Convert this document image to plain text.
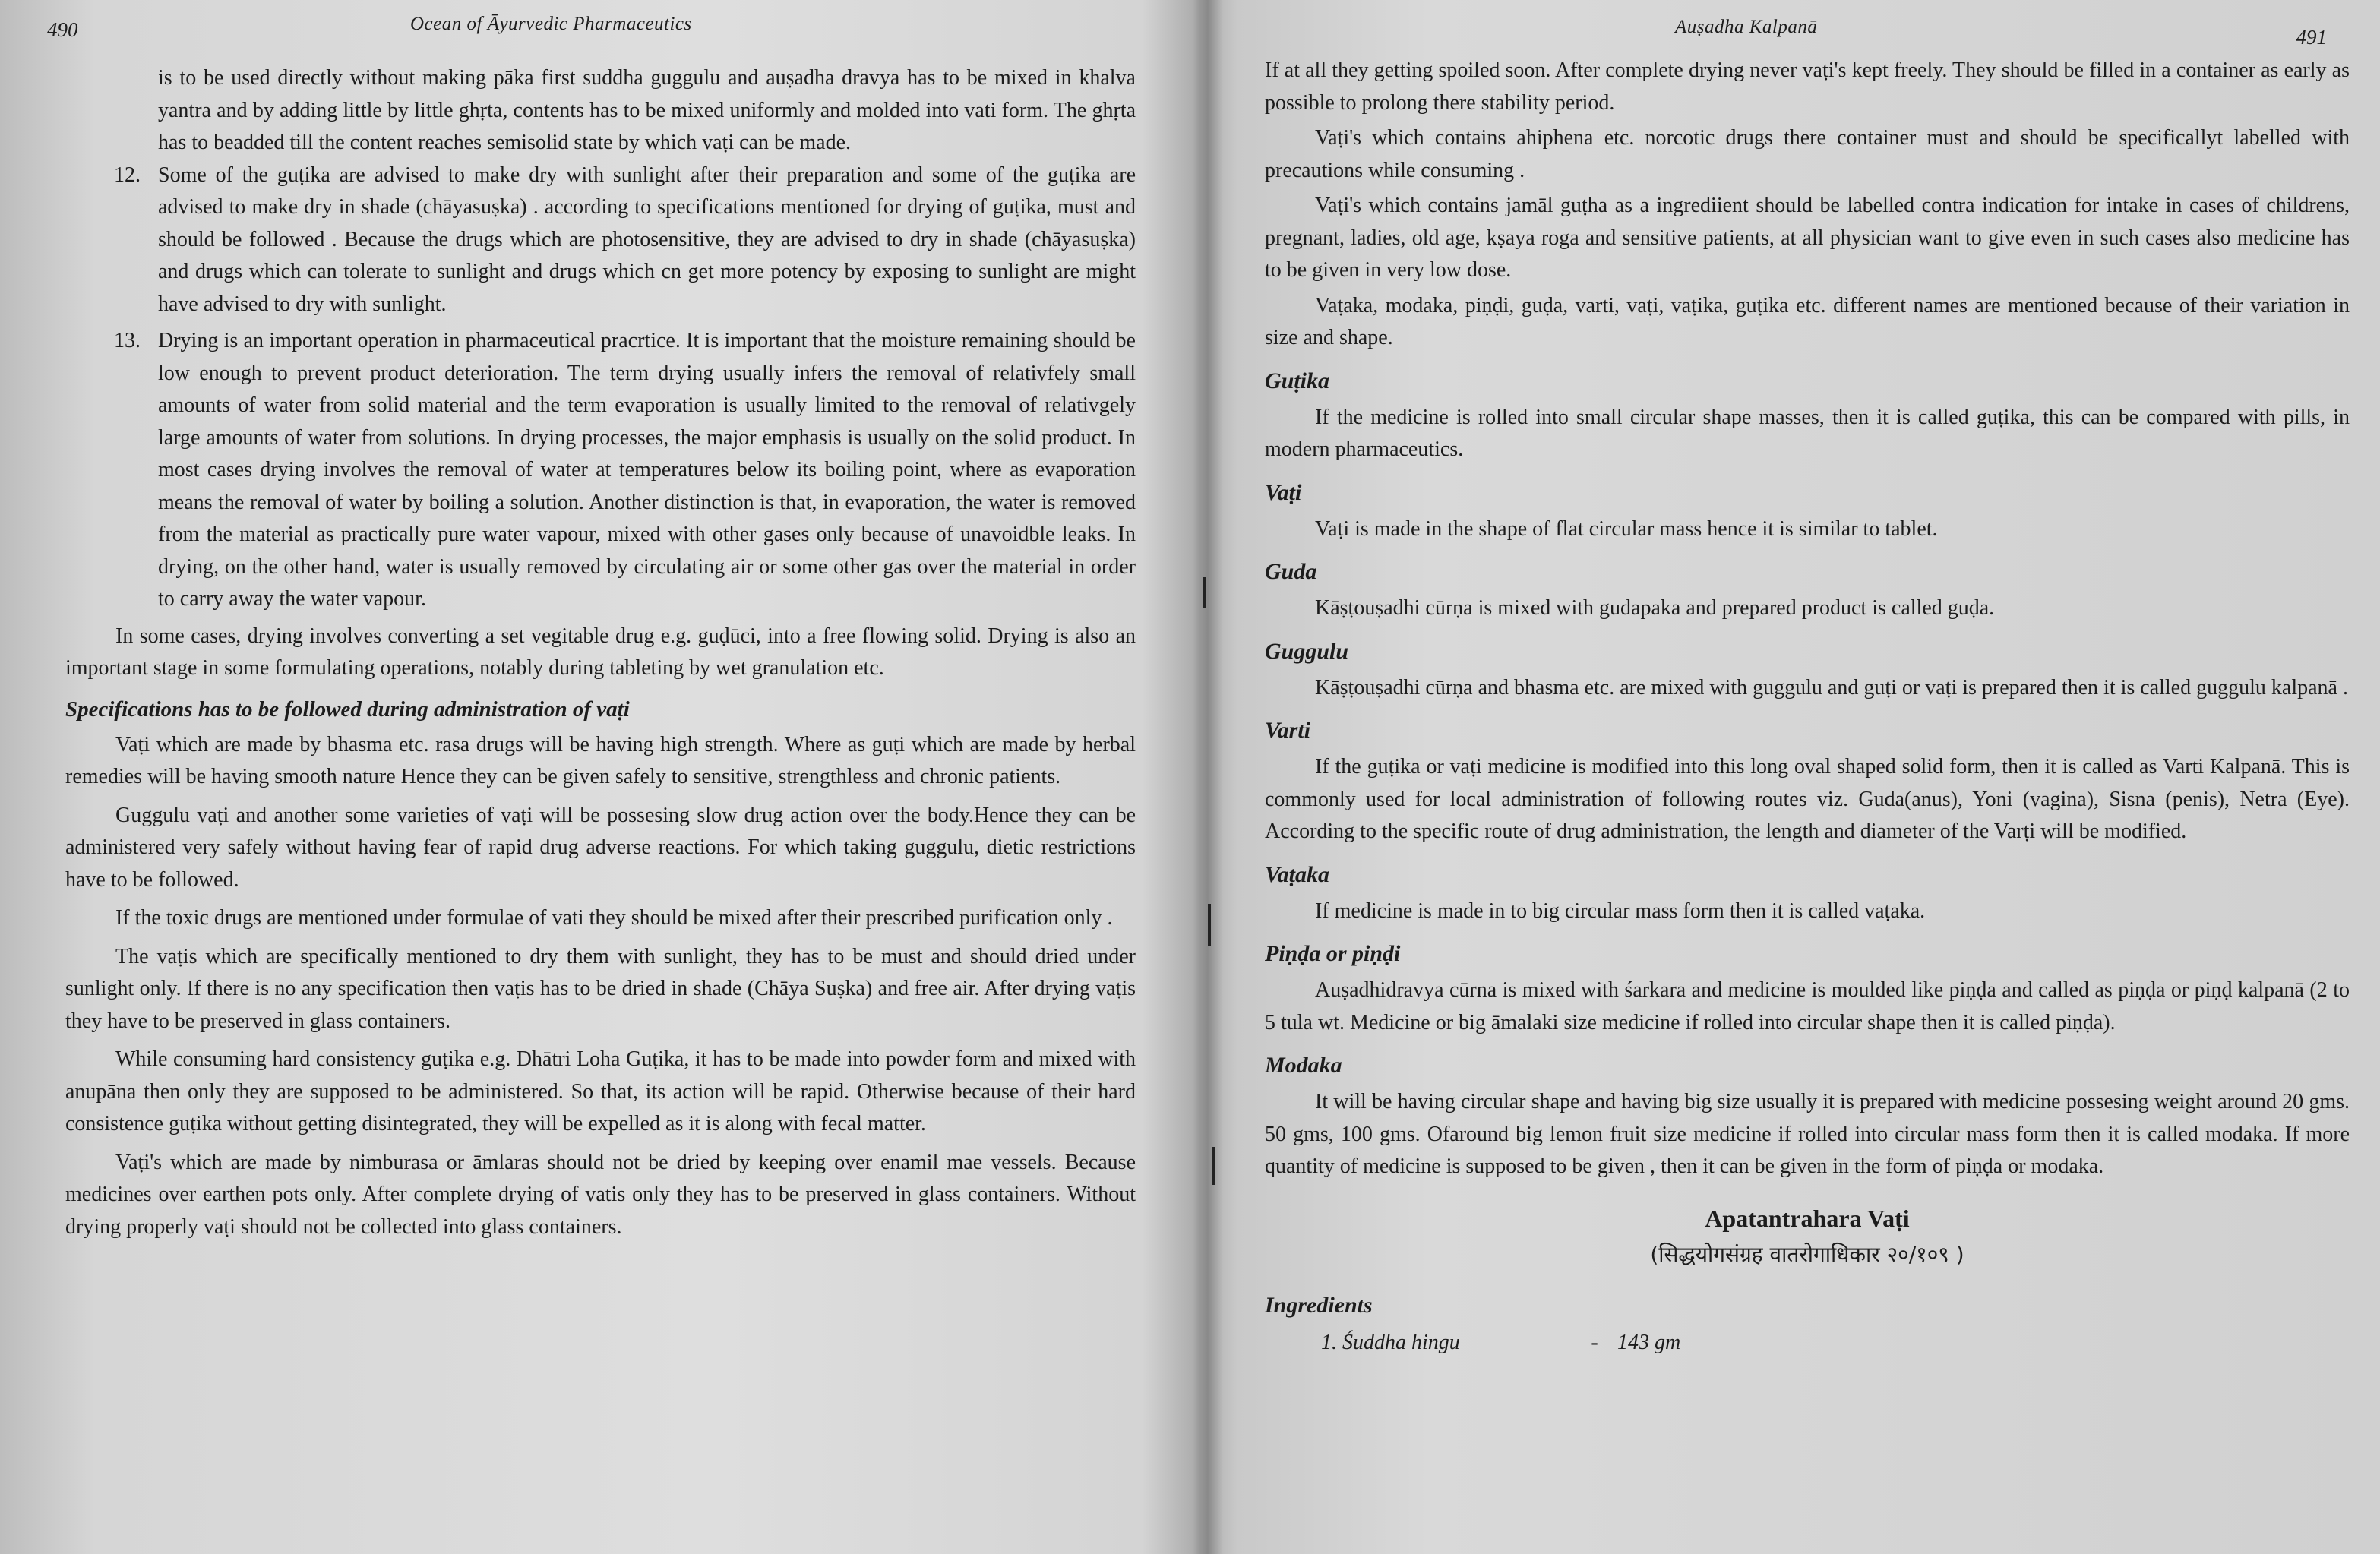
490	Ocean of Āyurvedic Pharmaceutics

is to be used directly without making pāka first suddha guggulu and auṣadha dravya has to be mixed in khalva yantra and by adding little by little ghṛta, contents has to be mixed uniformly and molded into vati form. The ghṛta has to beadded till the content reaches semisolid state by which vaṭi can be made.

12. Some of the guṭika are advised to make dry with sunlight after their preparation and some of the guṭika are advised to make dry in shade (chāyasuṣka) . according to specifications mentioned for drying of guṭika, must and should be followed . Because the drugs which are photosensitive, they are advised to dry in shade (chāyasuṣka) and drugs which can tolerate to sunlight and drugs which cn get more potency by exposing to sunlight are might have advised to dry with sunlight.
13. Drying is an important operation in pharmaceutical pracrtice. It is important that the moisture remaining should be low enough to prevent product deterioration. The term drying usually infers the removal of relativfely small amounts of water from solid material and the term evaporation is usually limited to the removal of relativgely large amounts of water from solutions. In drying processes, the major emphasis is usually on the solid product. In most cases drying involves the removal of water at temperatures below its boiling point, where as evaporation means the removal of water by boiling a solution. Another distinction is that, in evaporation, the water is removed from the material as practically pure water vapour, mixed with other gases only because of unavoidble leaks. In drying, on the other hand, water is usually removed by circulating air or some other gas over the material in order to carry away the water vapour.

In some cases, drying involves converting a set vegitable drug e.g. guḍūci, into a free flowing solid. Drying is also an important stage in some formulating operations, notably during tableting by wet granulation etc.

Specifications has to be followed during administration of vaṭi

Vaṭi which are made by bhasma etc. rasa drugs will be having high strength. Where as guṭi which are made by herbal remedies will be having smooth nature Hence they can be given safely to sensitive, strengthless and chronic patients.

Guggulu vaṭi and another some varieties of vaṭi will be possesing slow drug action over the body.Hence they can be administered very safely without having fear of rapid drug adverse reactions. For which taking guggulu, dietic restrictions have to be followed.

If the toxic drugs are mentioned under formulae of vati they should be mixed after their prescribed purification only .

The vaṭis which are specifically mentioned to dry them with sunlight, they has to be must and should dried under sunlight only. If there is no any specification then vaṭis has to be dried in shade (Chāya Suṣka) and free air. After drying vaṭis they have to be preserved in glass containers.

While consuming hard consistency guṭika e.g. Dhātri Loha Guṭika, it has to be made into powder form and mixed with anupāna then only they are supposed to be administered. So that, its action will be rapid. Otherwise because of their hard consistence guṭika without getting disintegrated, they will be expelled as it is along with fecal matter.

Vaṭi's which are made by nimburasa or āmlaras should not be dried by keeping over enamil mae vessels. Because medicines over earthen pots only. After complete drying of vatis only they has to be preserved in glass containers. Without drying properly vaṭi should not be collected into glass containers.

Auṣadha Kalpanā	491

If at all they getting spoiled soon. After complete drying never vaṭi's kept freely. They should be filled in a container as early as possible to prolong there stability period.

Vaṭi's which contains ahiphena etc. norcotic drugs there container must and should be specificallyt labelled with precautions while consuming .

Vaṭi's which contains jamāl guṭha as a ingrediient should be labelled contra indication for intake in cases of childrens, pregnant, ladies, old age, kṣaya roga and sensitive patients, at all physician want to give even in such cases also medicine has to be given in very low dose.

Vaṭaka, modaka, piṇḍi, guḍa, varti, vaṭi, vaṭika, guṭika etc. different names are mentioned because of their variation in size and shape.

Guṭika

If the medicine is rolled into small circular shape masses, then it is called guṭika, this can be compared with pills, in modern pharmaceutics.

Vaṭi

Vaṭi is made in the shape of flat circular mass hence it is similar to tablet.

Guda

Kāṣṭouṣadhi cūrṇa is mixed with gudapaka and prepared product is called guḍa.

Guggulu

Kāṣṭouṣadhi cūrṇa and bhasma etc. are mixed with guggulu and guṭi or vaṭi is prepared then it is called guggulu kalpanā .

Varti

If the guṭika or vaṭi medicine is modified into this long oval shaped solid form, then it is called as Varti Kalpanā. This is commonly used for local administration of following routes viz. Guda(anus), Yoni (vagina), Sisna (penis), Netra (Eye). According to the specific route of drug administration, the length and diameter of the Varṭi will be modified.

Vaṭaka

If medicine is made in to big circular mass form then it is called vaṭaka.

Piṇḍa or piṇḍi

Auṣadhidravya cūrna is mixed with śarkara and medicine is moulded like piṇḍa and called as piṇḍa or piṇḍ kalpanā (2 to 5 tula wt. Medicine or big āmalaki size medicine if rolled into circular shape then it is called piṇḍa).

Modaka

It will be having circular shape and having big size usually it is prepared with medicine possesing weight around 20 gms. 50 gms, 100 gms. Ofaround big lemon fruit size medicine if rolled into circular mass form then it is called modaka. If more quantity of medicine is supposed to be given , then it can be given in the form of piṇḍa or modaka.

Apatantrahara Vaṭi
(सिद्धयोगसंग्रह वातरोगाधिकार २०/१०९ )
Ingredients
1. Śuddha hingu	- 143 gm
